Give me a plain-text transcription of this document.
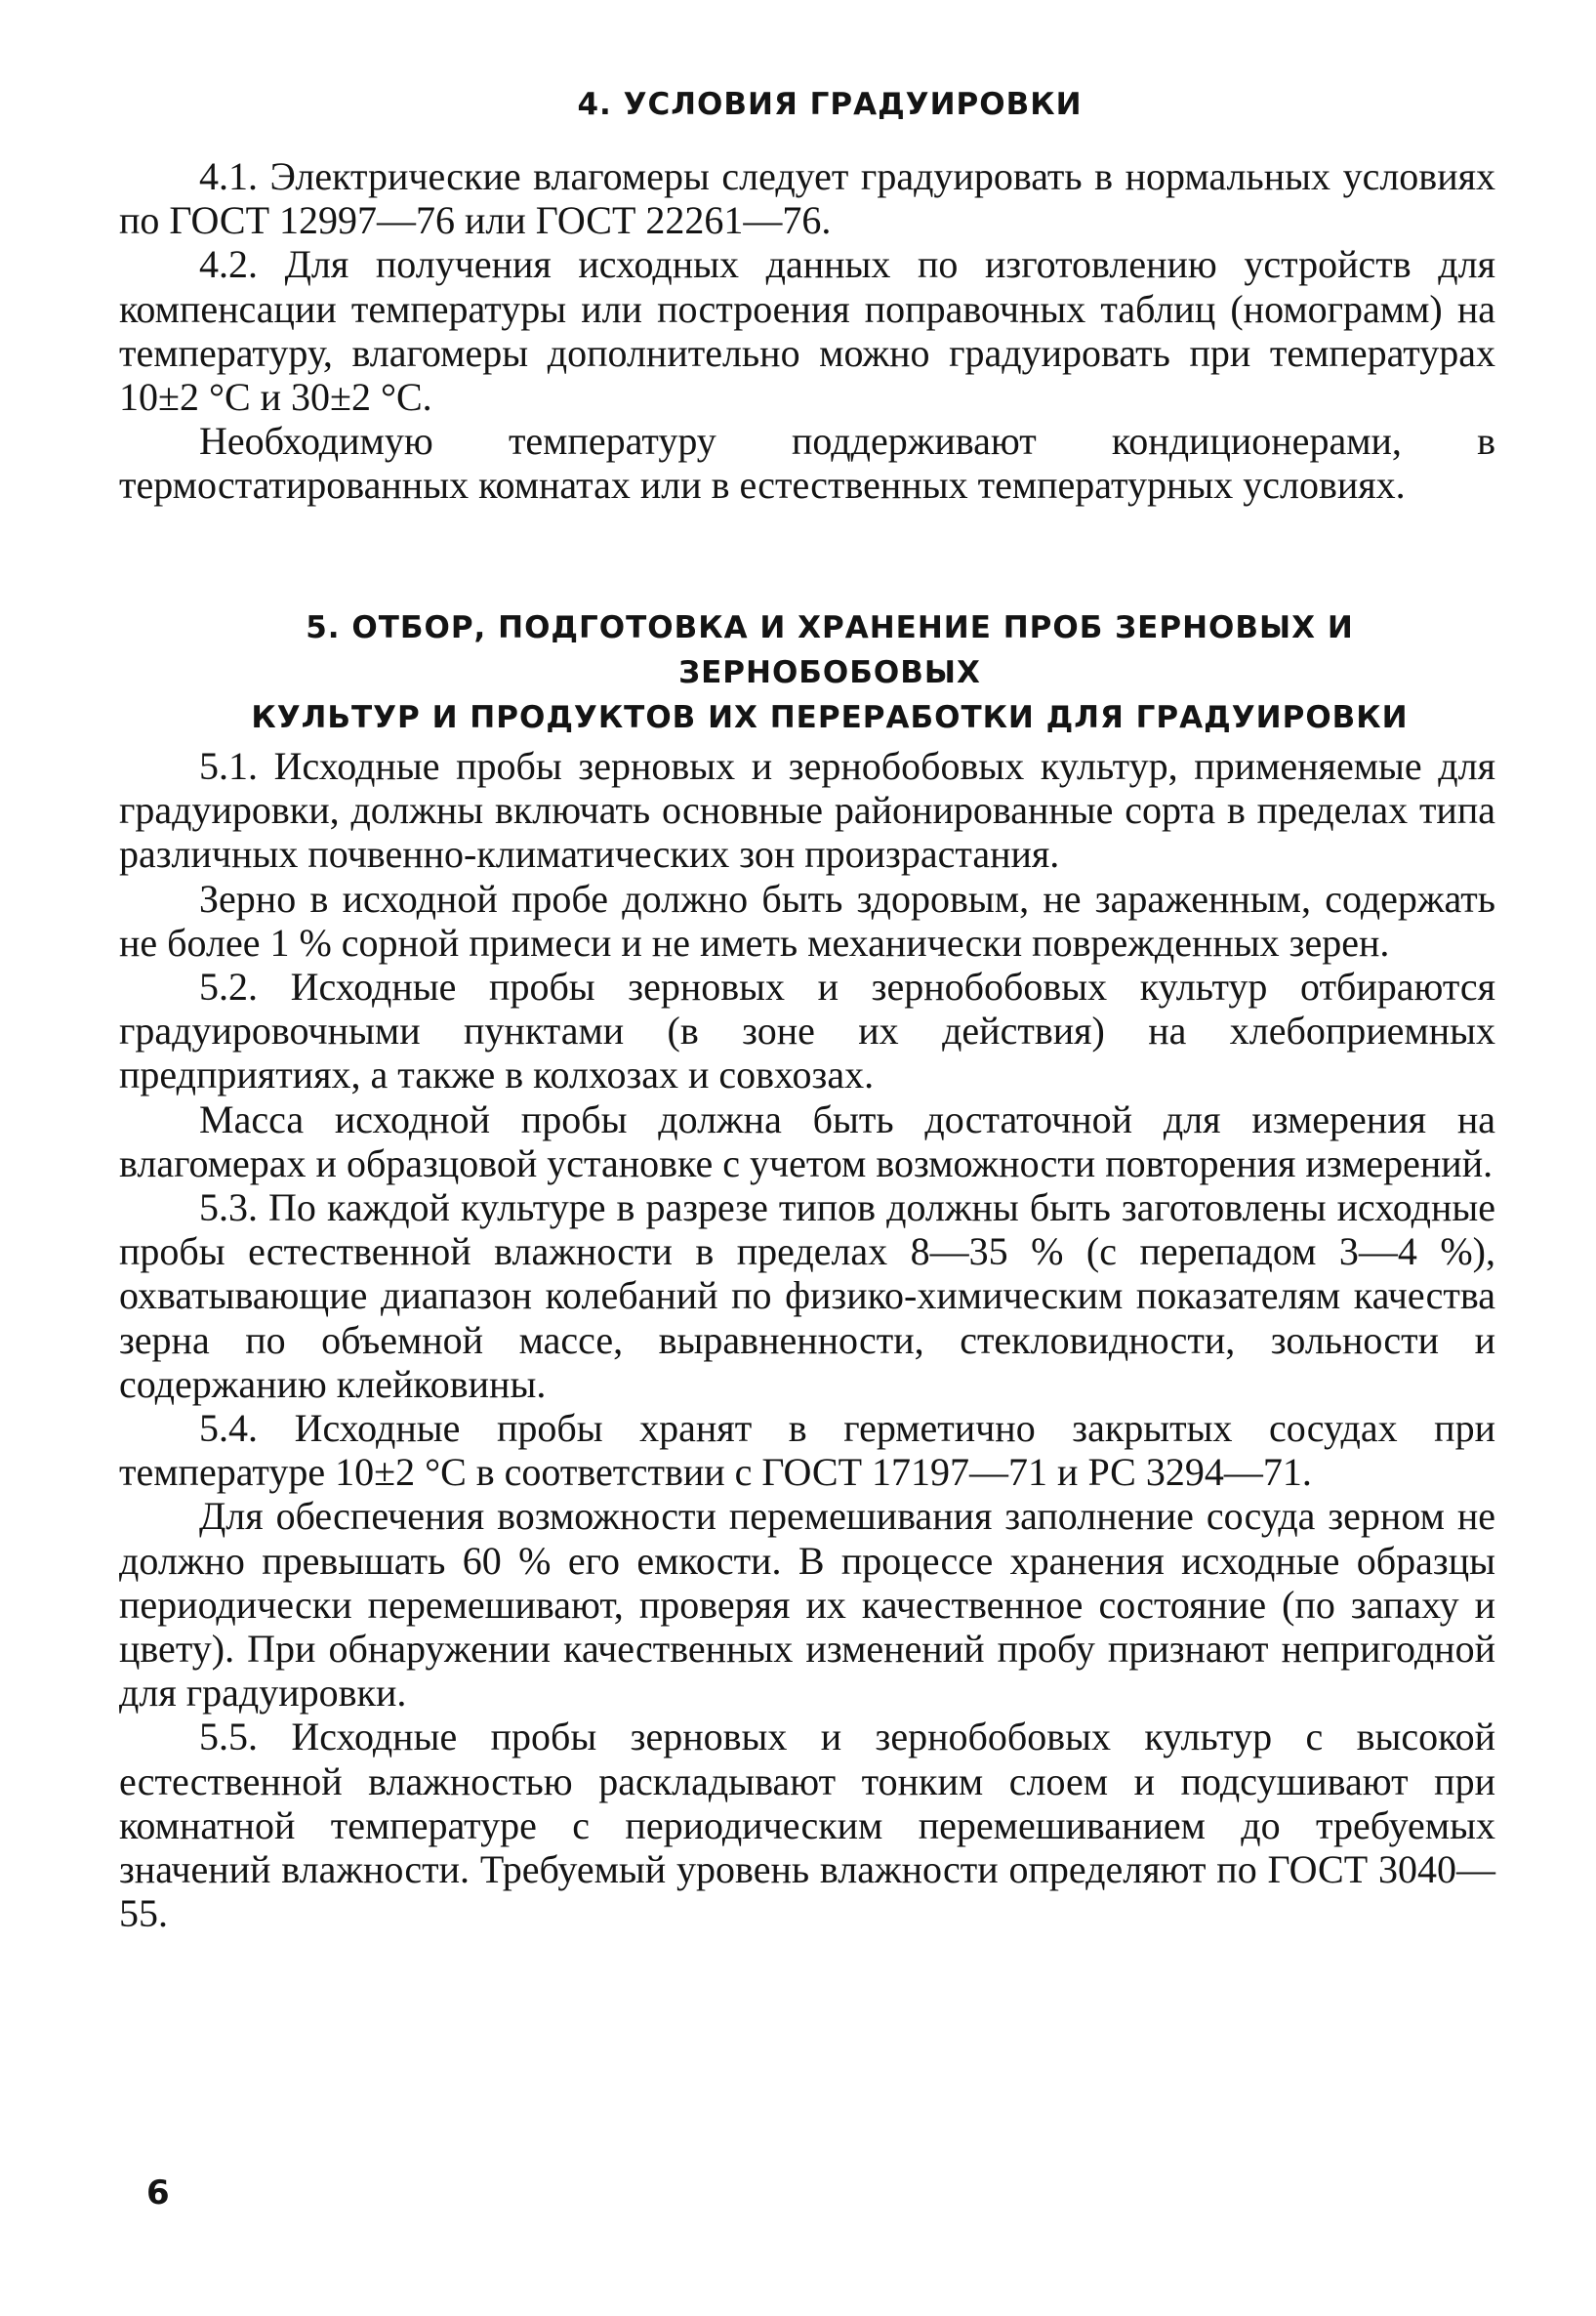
4. УСЛОВИЯ ГРАДУИРОВКИ

4.1. Электрические влагомеры следует градуировать в нормальных условиях по ГОСТ 12997—76 или ГОСТ 22261—76.

4.2. Для получения исходных данных по изготовлению устройств для компенсации температуры или построения поправочных таблиц (номограмм) на температуру, влагомеры дополнительно можно градуировать при температурах 10±2 °С и 30±2 °С.

Необходимую температуру поддерживают кондиционерами, в термостатированных комнатах или в естественных температурных условиях.

5. ОТБОР, ПОДГОТОВКА И ХРАНЕНИЕ ПРОБ ЗЕРНОВЫХ И ЗЕРНОБОБОВЫХ
КУЛЬТУР И ПРОДУКТОВ ИХ ПЕРЕРАБОТКИ ДЛЯ ГРАДУИРОВКИ

5.1. Исходные пробы зерновых и зернобобовых культур, применяемые для градуировки, должны включать основные районированные сорта в пределах типа различных почвенно-климатических зон произрастания.

Зерно в исходной пробе должно быть здоровым, не зараженным, содержать не более 1 % сорной примеси и не иметь механически поврежденных зерен.

5.2. Исходные пробы зерновых и зернобобовых культур отбираются градуировочными пунктами (в зоне их действия) на хлебоприемных предприятиях, а также в колхозах и совхозах.

Масса исходной пробы должна быть достаточной для измерения на влагомерах и образцовой установке с учетом возможности повторения измерений.

5.3. По каждой культуре в разрезе типов должны быть заготовлены исходные пробы естественной влажности в пределах 8—35 % (с перепадом 3—4 %), охватывающие диапазон колебаний по физико-химическим показателям качества зерна по объемной массе, выравненности, стекловидности, зольности и содержанию клейковины.

5.4. Исходные пробы хранят в герметично закрытых сосудах при температуре 10±2 °С в соответствии с ГОСТ 17197—71 и РС 3294—71.

Для обеспечения возможности перемешивания заполнение сосуда зерном не должно превышать 60 % его емкости. В процессе хранения исходные образцы периодически перемешивают, проверяя их качественное состояние (по запаху и цвету). При обнаружении качественных изменений пробу признают непригодной для градуировки.

5.5. Исходные пробы зерновых и зернобобовых культур с высокой естественной влажностью раскладывают тонким слоем и подсушивают при комнатной температуре с периодическим перемешиванием до требуемых значений влажности. Требуемый уровень влажности определяют по ГОСТ 3040—55.

6
